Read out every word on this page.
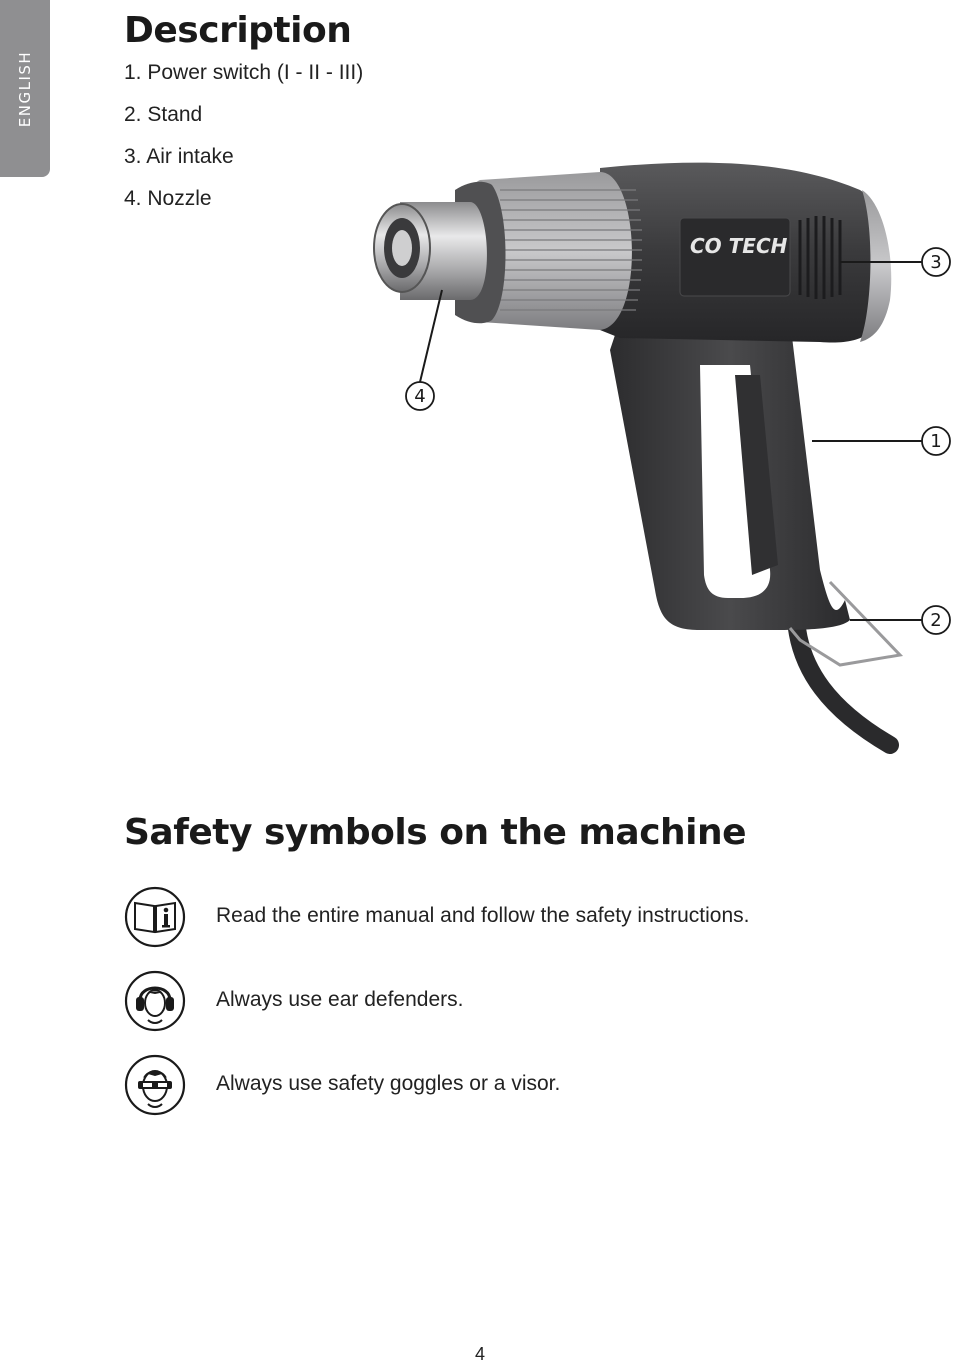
ENGLISH
Description
1. Power switch (I - II - III)
2. Stand
3. Air intake
4. Nozzle
CO TECH
3
1
2
4
Safety symbols on the machine
Read the entire manual and follow the safety instructions.
Always use ear defenders.
Always use safety goggles or a visor.
4
